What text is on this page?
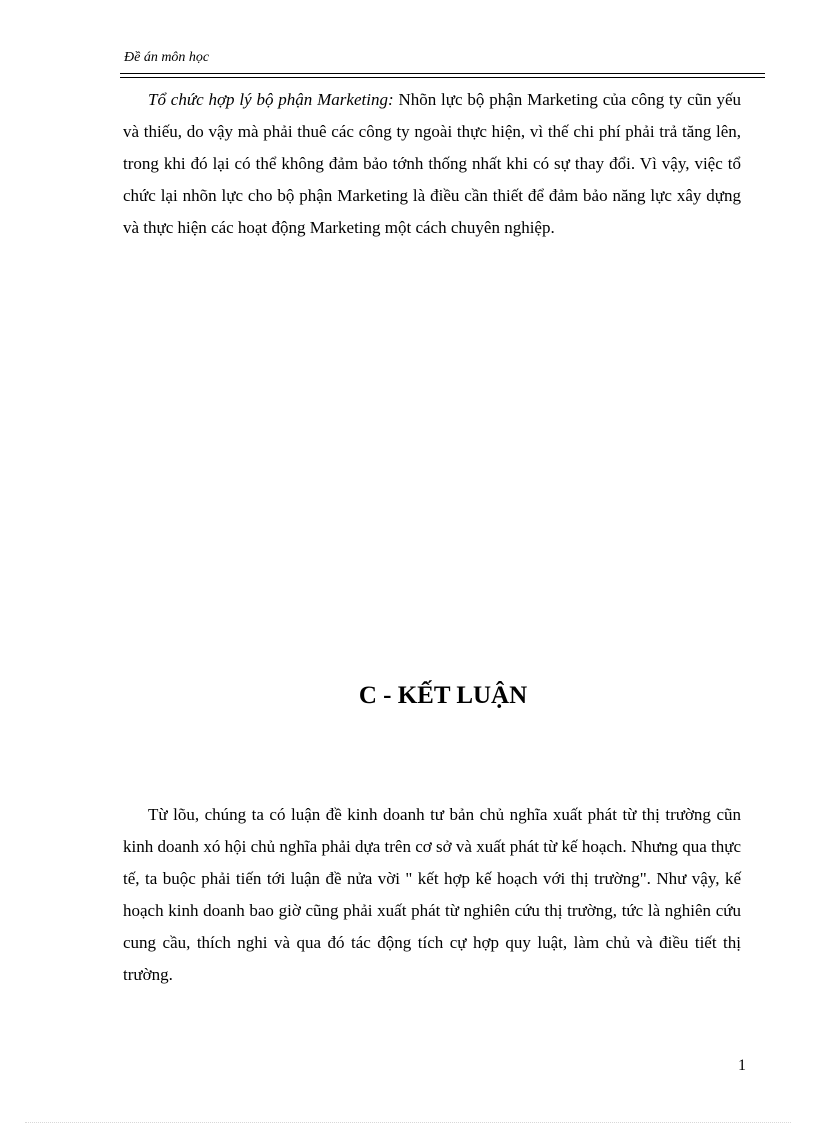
Đề án môn học

Tổ chức hợp lý bộ phận Marketing: Nhõn lực bộ phận Marketing của công ty cũn yếu và thiếu, do vậy mà phải thuê các công ty ngoài thực hiện, vì thế chi phí phải trả tăng lên, trong khi đó lại có thể không đảm bảo tớnh thống nhất khi có sự thay đổi. Vì vậy, việc tổ chức lại nhõn lực cho bộ phận Marketing là điều cần thiết để đảm bảo năng lực xây dựng và thực hiện các hoạt động Marketing một cách chuyên nghiệp.

C - KẾT LUẬN

Từ lõu, chúng ta có luận đề kinh doanh tư bản chủ nghĩa xuất phát từ thị trường cũn kinh doanh xó hội chủ nghĩa phải dựa trên cơ sở và xuất phát từ kế hoạch. Nhưng qua thực tế, ta buộc phải tiến tới luận đề nửa vời " kết hợp kế hoạch với thị trường". Như vậy, kế hoạch kinh doanh bao giờ cũng phải xuất phát từ nghiên cứu thị trường, tức là nghiên cứu cung cầu, thích nghi và qua đó tác động tích cự hợp quy luật, làm chủ và điều tiết thị trường.

1
